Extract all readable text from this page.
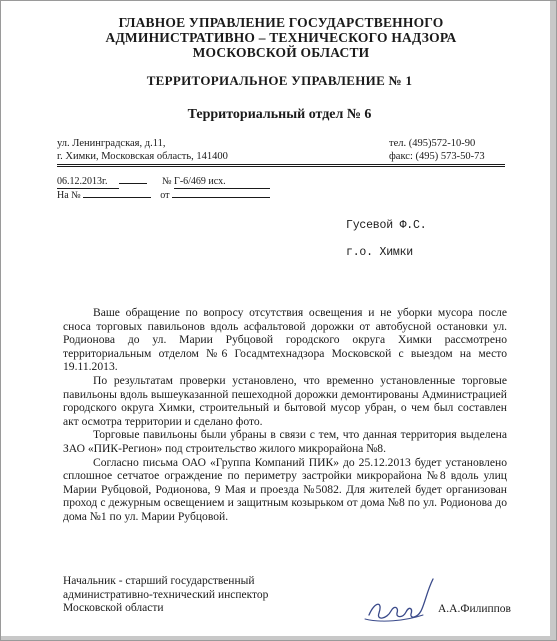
ГЛАВНОЕ УПРАВЛЕНИЕ ГОСУДАРСТВЕННОГО
АДМИНИСТРАТИВНО – ТЕХНИЧЕСКОГО НАДЗОРА
МОСКОВСКОЙ ОБЛАСТИ
ТЕРРИТОРИАЛЬНОЕ УПРАВЛЕНИЕ № 1
Территориальный отдел № 6
ул. Ленинградская, д.11,
г. Химки, Московская область, 141400
тел. (495)572-10-90
факс: (495) 573-50-73
06.12.2013г.	№ Г-6/469 исх.
На №	от
Гусевой Ф.С.
г.о. Химки

Ваше обращение по вопросу отсутствия освещения и не уборки мусора после сноса торговых павильонов вдоль асфальтовой дорожки от автобусной остановки ул. Родионова до ул. Марии Рубцовой городского округа Химки рассмотрено территориальным отделом №6 Госадмтехнадзора Московской с выездом на место 19.11.2013.

По результатам проверки установлено, что временно установленные торговые павильоны вдоль вышеуказанной пешеходной дорожки демонтированы Администрацией городского округа Химки, строительный и бытовой мусор убран, о чем был составлен акт осмотра территории и сделано фото.

Торговые павильоны были убраны в связи с тем, что данная территория выделена ЗАО «ПИК-Регион» под строительство жилого микрорайона №8.

Согласно письма ОАО «Группа Компаний ПИК» до 25.12.2013 будет установлено сплошное сетчатое ограждение по периметру застройки микрорайона №8 вдоль улиц Марии Рубцовой, Родионова, 9 Мая и проезда №5082. Для жителей будет организован проход с дежурным освещением и защитным козырьком от дома №8 по ул. Родионова до дома №1 по ул. Марии Рубцовой.

Начальник - старший государственный
административно-технический инспектор
Московской области	А.А.Филиппов
